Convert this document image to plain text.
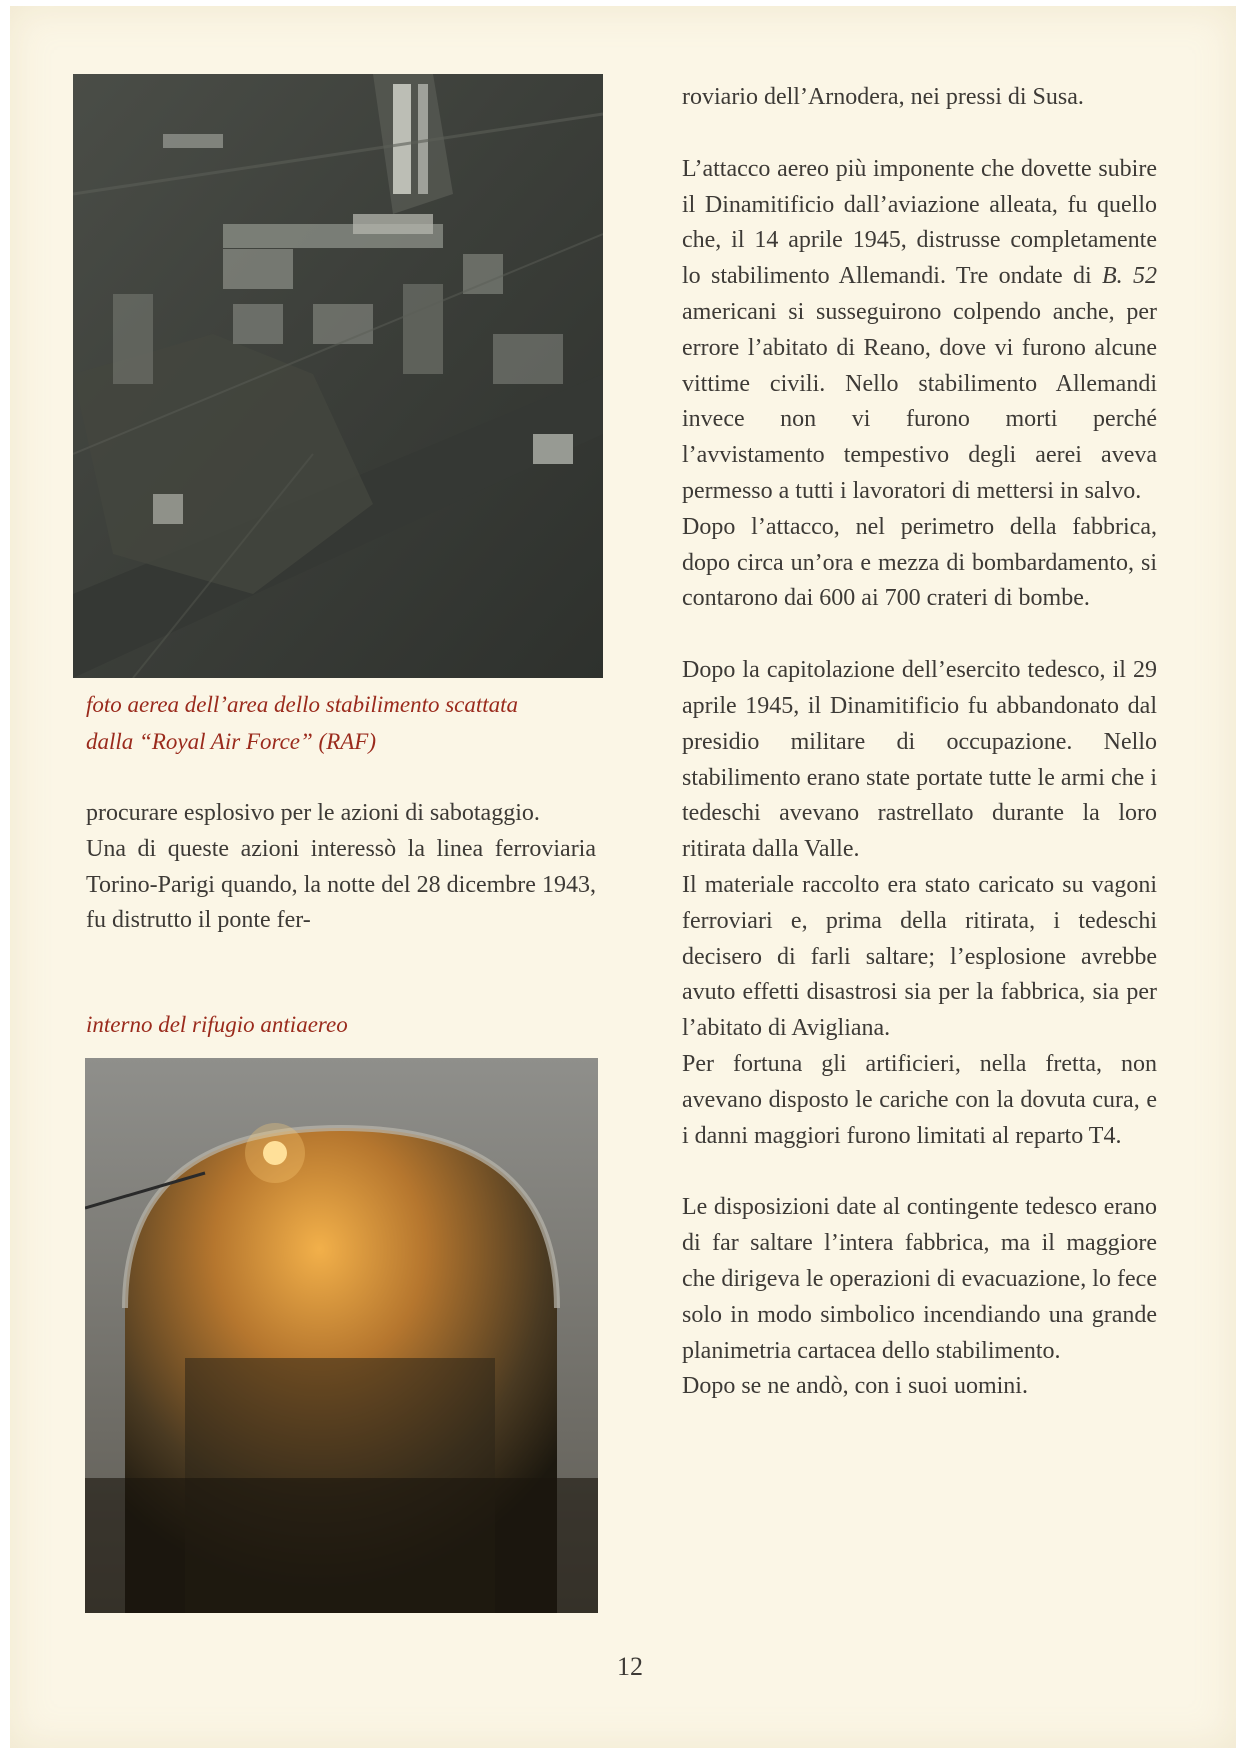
foto aerea dell’area dello stabilimento scattata
dalla “Royal Air Force” (RAF)

procurare esplosivo per le azioni di sabotaggio.

Una di queste azioni interessò la linea ferroviaria Torino-Parigi quando, la notte del 28 dicembre 1943, fu distrutto il ponte fer-

interno del rifugio antiaereo

roviario dell’Arnodera, nei pressi di Susa.

L’attacco aereo più imponente che dovette subire il Dinamitificio dall’aviazione alleata, fu quello che, il 14 aprile 1945, distrusse completamente lo stabilimento Allemandi. Tre ondate di B. 52 americani si susseguirono colpendo anche, per errore l’abitato di Reano, dove vi furono alcune vittime civili. Nello stabilimento Allemandi invece non vi furono morti perché l’avvistamento tempestivo degli aerei aveva permesso a tutti i lavoratori di mettersi in salvo.

Dopo l’attacco, nel perimetro della fabbrica, dopo circa un’ora e mezza di bombardamento, si contarono dai 600 ai 700 crateri di bombe.

Dopo la capitolazione dell’esercito tedesco, il 29 aprile 1945, il Dinamitificio fu abbandonato dal presidio militare di occupazione. Nello stabilimento erano state portate tutte le armi che i tedeschi avevano rastrellato durante la loro ritirata dalla Valle.

Il materiale raccolto era stato caricato su vagoni ferroviari e, prima della ritirata, i tedeschi decisero di farli saltare; l’esplosione avrebbe avuto effetti disastrosi sia per la fabbrica, sia per l’abitato di Avigliana.

Per fortuna gli artificieri, nella fretta, non avevano disposto le cariche con la dovuta cura, e i danni maggiori furono limitati al reparto T4.

Le disposizioni date al contingente tedesco erano di far saltare l’intera fabbrica, ma il maggiore che dirigeva le operazioni di evacuazione, lo fece solo in modo simbolico incendiando una grande planimetria cartacea dello stabilimento.

Dopo se ne andò, con i suoi uomini.

12
